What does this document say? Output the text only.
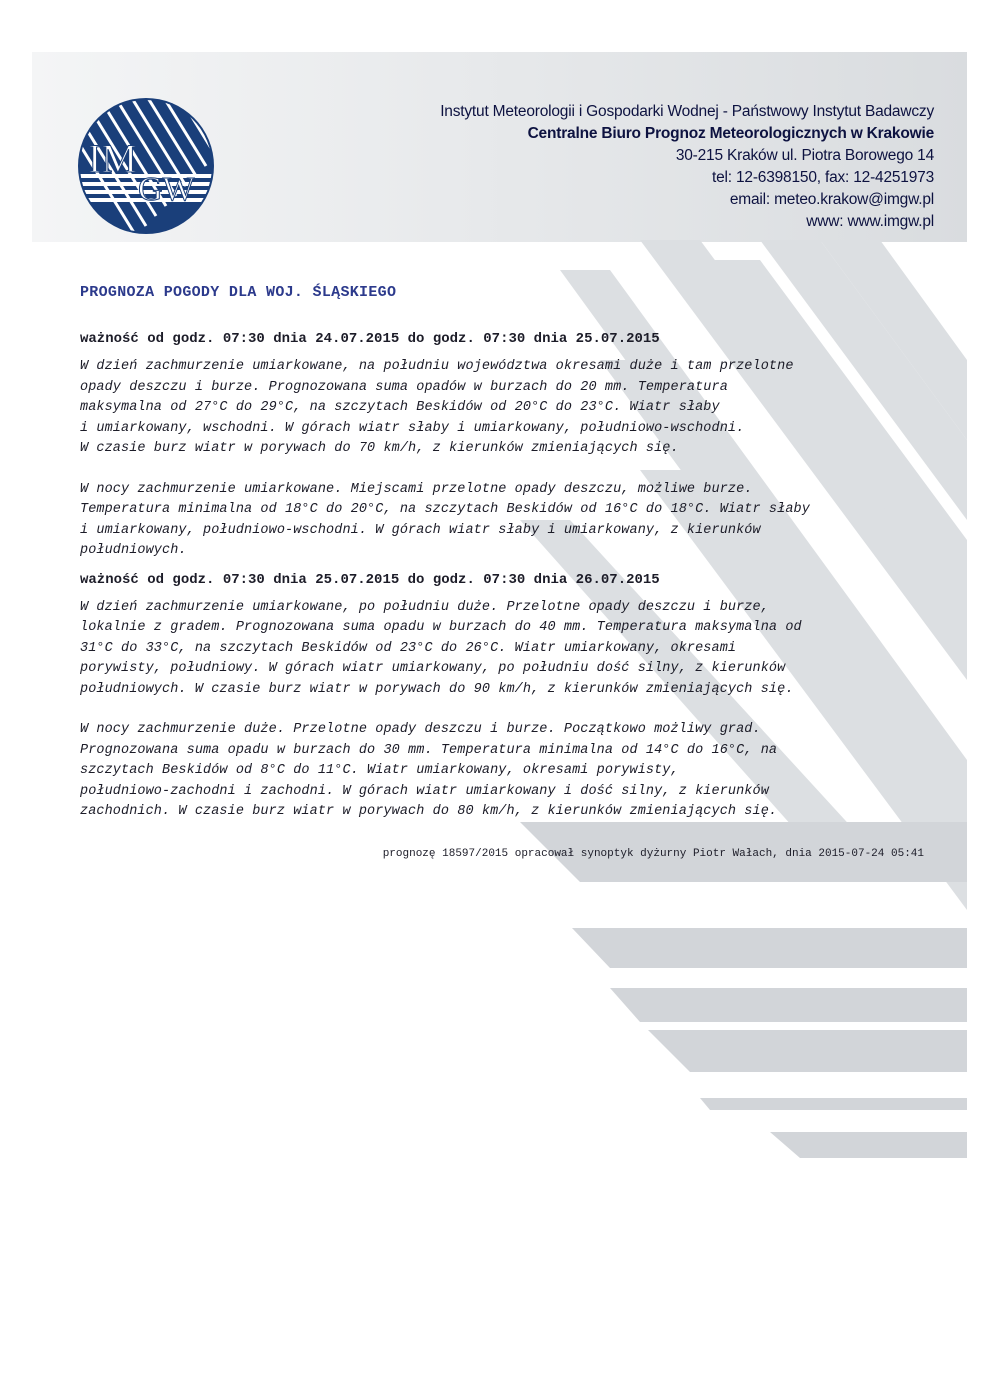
IM
GW
Instytut Meteorologii i Gospodarki Wodnej - Państwowy Instytut Badawczy
Centralne Biuro Prognoz Meteorologicznych w Krakowie
30-215 Kraków ul. Piotra Borowego 14
tel: 12-6398150, fax: 12-4251973
email: meteo.krakow@imgw.pl
www: www.imgw.pl
PROGNOZA POGODY DLA WOJ. ŚLĄSKIEGO
ważność od godz. 07:30 dnia 24.07.2015 do godz. 07:30 dnia 25.07.2015
W dzień zachmurzenie umiarkowane, na południu województwa okresami duże i tam przelotne
opady deszczu i burze. Prognozowana suma opadów w burzach do 20 mm. Temperatura
maksymalna od 27°C do 29°C, na szczytach Beskidów od 20°C do 23°C. Wiatr słaby
i umiarkowany, wschodni. W górach wiatr słaby i umiarkowany, południowo-wschodni.
W czasie burz wiatr w porywach do 70 km/h, z kierunków zmieniających się.
W nocy zachmurzenie umiarkowane. Miejscami przelotne opady deszczu, możliwe burze.
Temperatura minimalna od 18°C do 20°C, na szczytach Beskidów od 16°C do 18°C. Wiatr słaby
i umiarkowany, południowo-wschodni. W górach wiatr słaby i umiarkowany, z kierunków
południowych.
ważność od godz. 07:30 dnia 25.07.2015 do godz. 07:30 dnia 26.07.2015
W dzień zachmurzenie umiarkowane, po południu duże. Przelotne opady deszczu i burze,
lokalnie z gradem. Prognozowana suma opadu w burzach do 40 mm. Temperatura maksymalna od
31°C do 33°C, na szczytach Beskidów od 23°C do 26°C. Wiatr umiarkowany, okresami
porywisty, południowy. W górach wiatr umiarkowany, po południu dość silny, z kierunków
południowych. W czasie burz wiatr w porywach do 90 km/h, z kierunków zmieniających się.
W nocy zachmurzenie duże. Przelotne opady deszczu i burze. Początkowo możliwy grad.
Prognozowana suma opadu w burzach do 30 mm. Temperatura minimalna od 14°C do 16°C, na
szczytach Beskidów od 8°C do 11°C. Wiatr umiarkowany, okresami porywisty,
południowo-zachodni i zachodni. W górach wiatr umiarkowany i dość silny, z kierunków
zachodnich. W czasie burz wiatr w porywach do 80 km/h, z kierunków zmieniających się.
prognozę 18597/2015 opracował synoptyk dyżurny Piotr Wałach, dnia 2015-07-24 05:41
